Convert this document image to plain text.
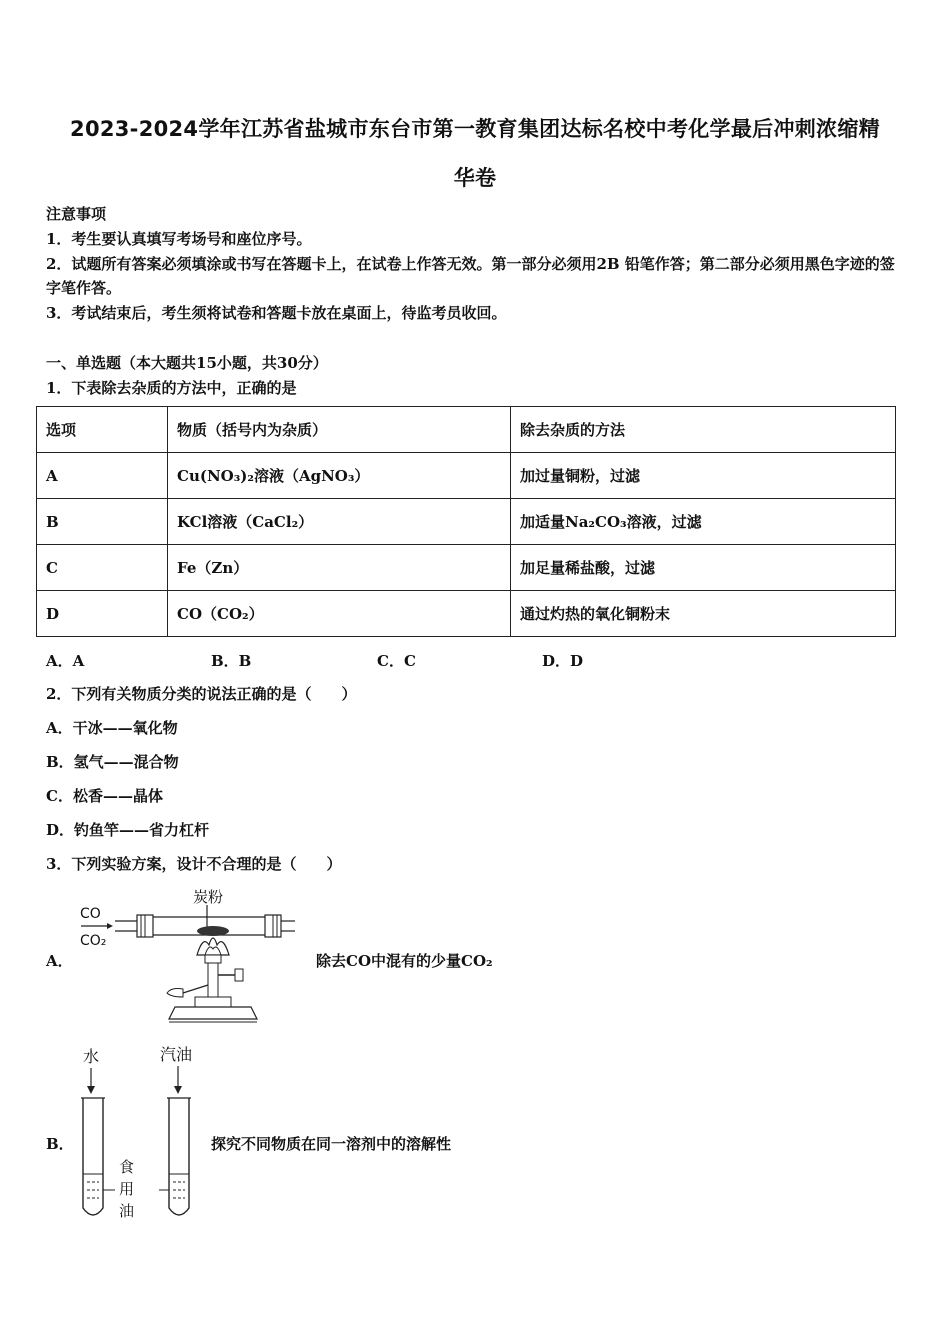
2023-2024学年江苏省盐城市东台市第一教育集团达标名校中考化学最后冲刺浓缩精
华卷
注意事项
1．考生要认真填写考场号和座位序号。
2．试题所有答案必须填涂或书写在答题卡上，在试卷上作答无效。第一部分必须用2B 铅笔作答；第二部分必须用黑色字迹的签字笔作答。
3．考试结束后，考生须将试卷和答题卡放在桌面上，待监考员收回。
一、单选题（本大题共15小题，共30分）
1．下表除去杂质的方法中，正确的是
选项	物质（括号内为杂质）	除去杂质的方法
A	Cu(NO₃)₂溶液（AgNO₃）	加过量铜粉，过滤
B	KCl溶液（CaCl₂）	加适量Na₂CO₃溶液，过滤
C	Fe（Zn）	加足量稀盐酸，过滤
D	CO（CO₂）	通过灼热的氧化铜粉末
A．A	B．B	C．C	D．D
2．下列有关物质分类的说法正确的是（　　）
A．干冰——氧化物
B．氢气——混合物
C．松香——晶体
D．钓鱼竿——省力杠杆
3．下列实验方案，设计不合理的是（　　）
A．
炭粉
CO
CO₂
除去CO中混有的少量CO₂
B．
水	汽油
食
用
油
探究不同物质在同一溶剂中的溶解性
